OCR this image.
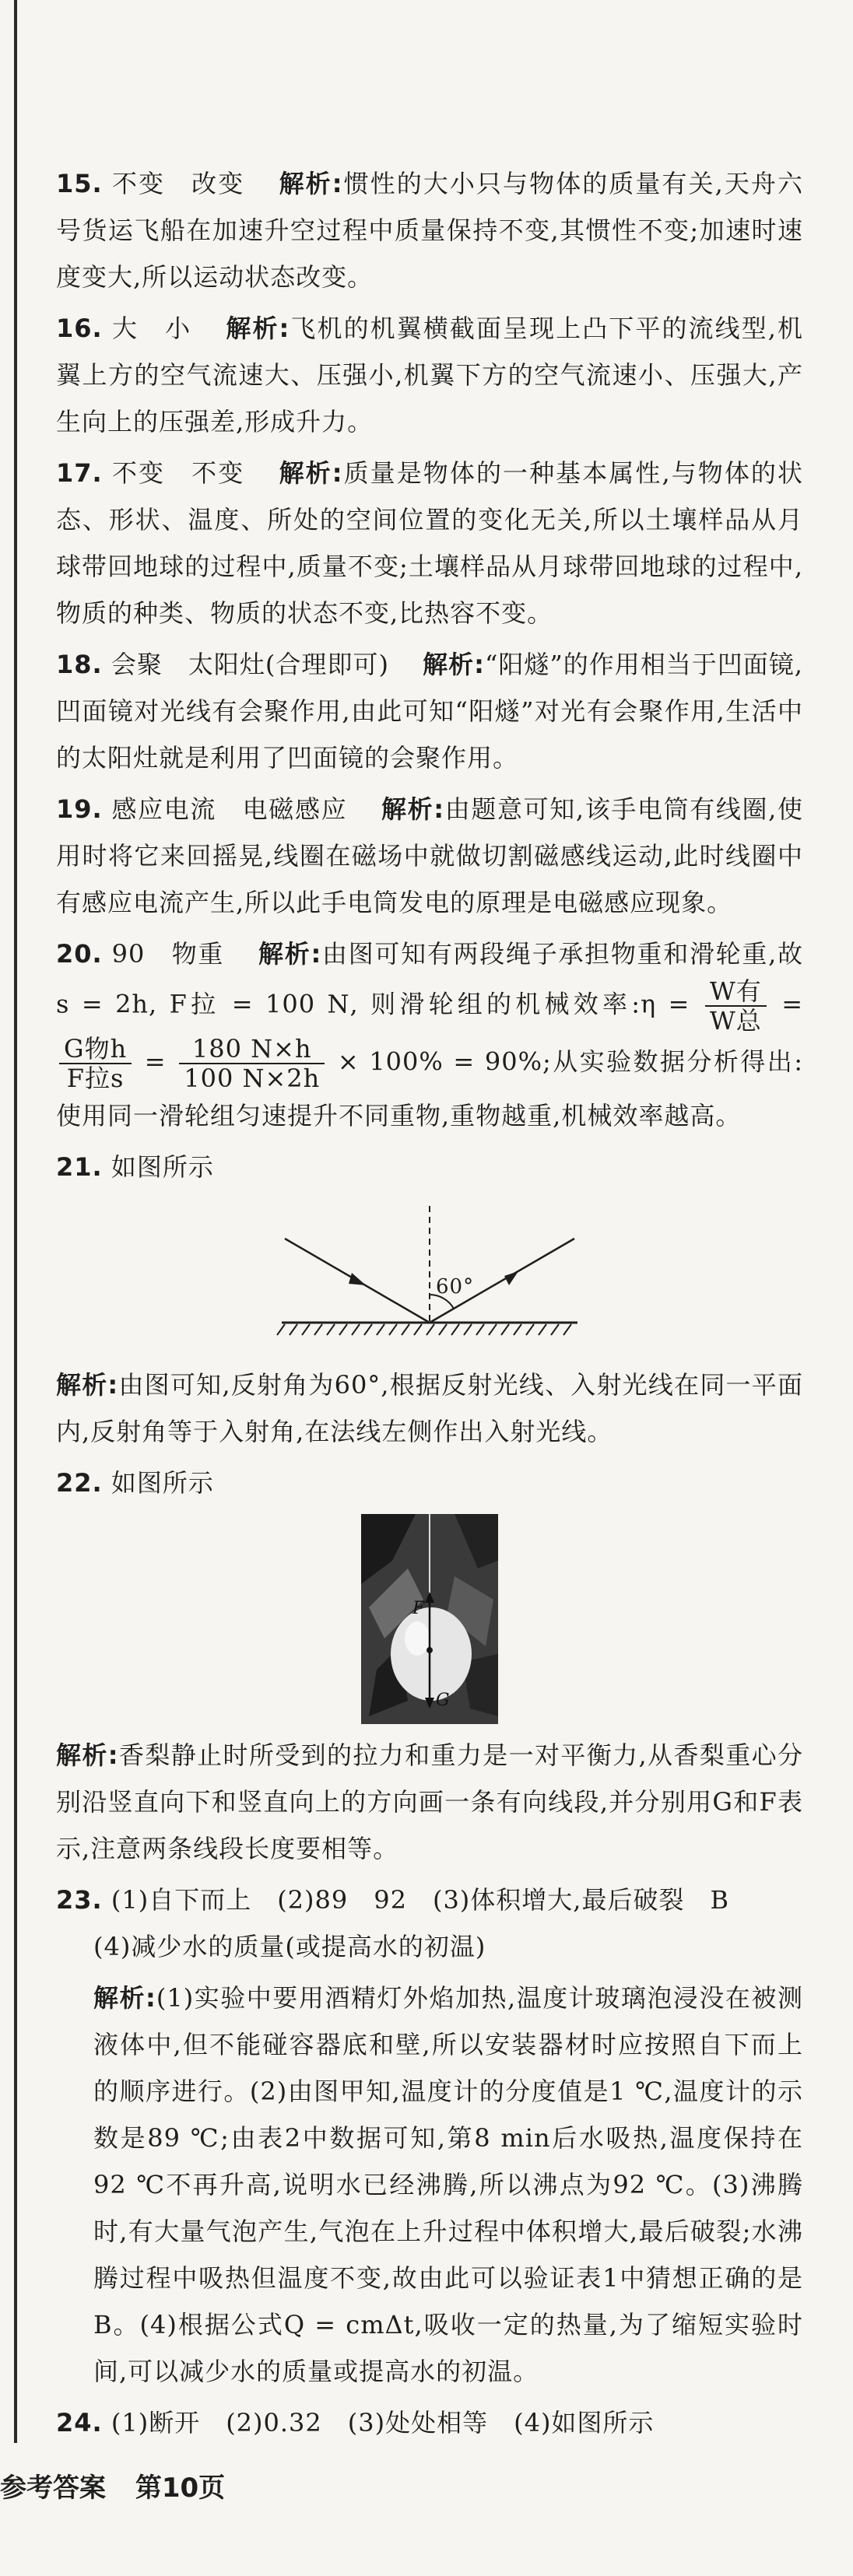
15. 不变　改变 解析:惯性的大小只与物体的质量有关,天舟六号货运飞船在加速升空过程中质量保持不变,其惯性不变;加速时速度变大,所以运动状态改变。
16. 大　小 解析:飞机的机翼横截面呈现上凸下平的流线型,机翼上方的空气流速大、压强小,机翼下方的空气流速小、压强大,产生向上的压强差,形成升力。
17. 不变　不变 解析:质量是物体的一种基本属性,与物体的状态、形状、温度、所处的空间位置的变化无关,所以土壤样品从月球带回地球的过程中,质量不变;土壤样品从月球带回地球的过程中,物质的种类、物质的状态不变,比热容不变。
18. 会聚　太阳灶(合理即可) 解析:“阳燧”的作用相当于凹面镜,凹面镜对光线有会聚作用,由此可知“阳燧”对光有会聚作用,生活中的太阳灶就是利用了凹面镜的会聚作用。
19. 感应电流　电磁感应 解析:由题意可知,该手电筒有线圈,使用时将它来回摇晃,线圈在磁场中就做切割磁感线运动,此时线圈中有感应电流产生,所以此手电筒发电的原理是电磁感应现象。
20. 90　物重 解析:由图可知有两段绳子承担物重和滑轮重,故 s = 2h, F拉 = 100 N, 则滑轮组的机械效率:η = $\frac{\text{W有}}{\text{W总}}$ =
$\frac{\text{G物h}}{\text{F拉s}} = \frac{180 N\times h}{100 N\times 2h} \times 100\% = 90\%$;从实验数据分析得出:使用同一滑轮组匀速提升不同重物,重物越重,机械效率越高。
21. 如图所示
60°
解析:由图可知,反射角为60°,根据反射光线、入射光线在同一平面内,反射角等于入射角,在法线左侧作出入射光线。
22. 如图所示
F
G
解析:香梨静止时所受到的拉力和重力是一对平衡力,从香梨重心分别沿竖直向下和竖直向上的方向画一条有向线段,并分别用G和F表示,注意两条线段长度要相等。
23. (1)自下而上　(2)89　92　(3)体积增大,最后破裂　B
(4)减少水的质量(或提高水的初温)
解析:(1)实验中要用酒精灯外焰加热,温度计玻璃泡浸没在被测液体中,但不能碰容器底和壁,所以安装器材时应按照自下而上的顺序进行。(2)由图甲知,温度计的分度值是1 ℃,温度计的示数是89 ℃;由表2中数据可知,第8 min后水吸热,温度保持在92 ℃不再升高,说明水已经沸腾,所以沸点为92 ℃。(3)沸腾时,有大量气泡产生,气泡在上升过程中体积增大,最后破裂;水沸腾过程中吸热但温度不变,故由此可以验证表1中猜想正确的是B。(4)根据公式Q = cmΔt,吸收一定的热量,为了缩短实验时间,可以减少水的质量或提高水的初温。
24. (1)断开　(2)0.32　(3)处处相等　(4)如图所示
参考答案 第10页
